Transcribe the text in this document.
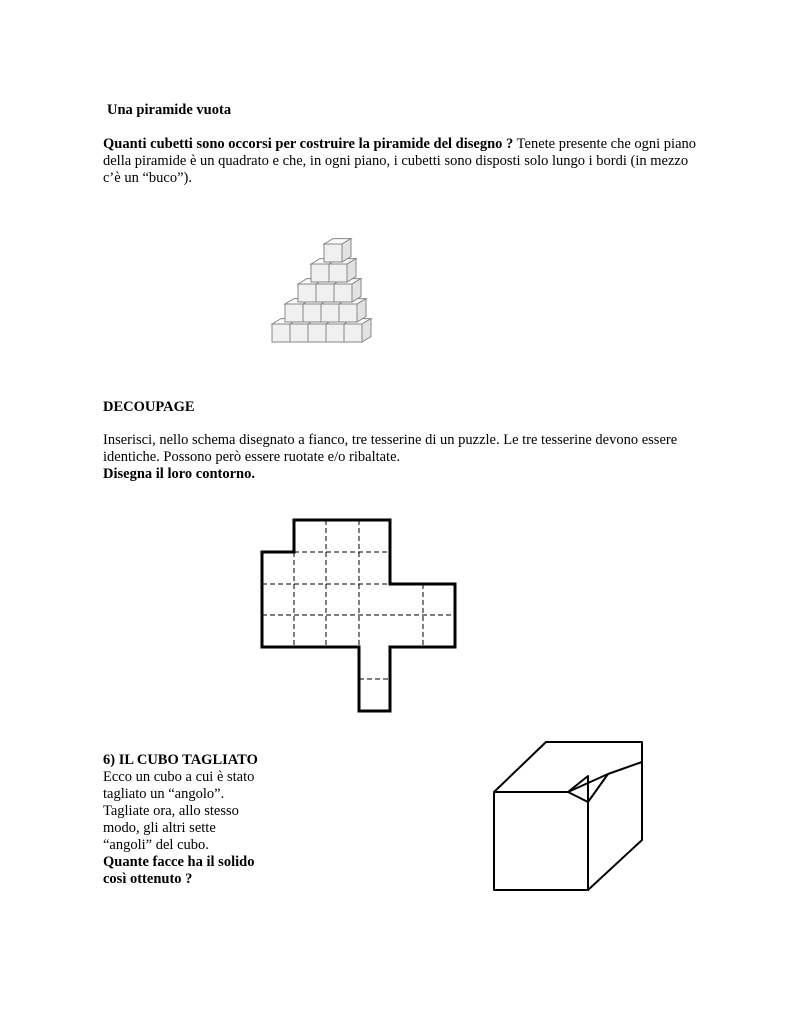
Una piramide vuota
Quanti cubetti sono occorsi per costruire la piramide del disegno ? Tenete presente che ogni piano della piramide è un quadrato e che, in ogni piano, i cubetti sono disposti solo lungo i bordi (in mezzo c’è un “buco”).
DECOUPAGE
Inserisci, nello schema disegnato a fianco, tre tesserine di un puzzle. Le tre tesserine devono essere identiche. Possono però essere ruotate e/o ribaltate.
Disegna il loro contorno.

6) IL CUBO TAGLIATO

Ecco un cubo a cui è stato

tagliato un “angolo”.

Tagliate ora, allo stesso

modo, gli altri sette

“angoli” del cubo.

Quante facce ha il solido

così ottenuto ?
